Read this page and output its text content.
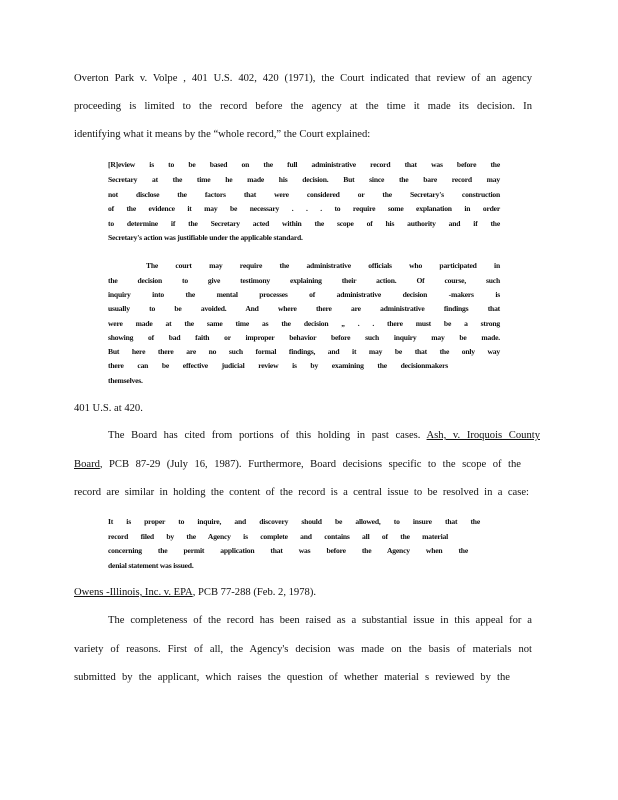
Overton Park v. Volpe , 401 U.S. 402, 420 (1971), the Court indicated that review of an agency
proceeding is limited to the record before the agency at the time it made its decision. In
identifying what it means by the “whole record,” the Court explained:
[R]eview is to be based on the full administrative record that was before the
Secretary at the time he made his decision. But since the bare record may
not disclose the factors that were considered or the Secretary's construction
of the evidence it may be necessary . . . to require some explanation in order
to determine if the Secretary acted within the scope of his authority and if the
Secretary's action was justifiable under the applicable standard.
The court may require the administrative officials who participated in
the decision to give testimony explaining their action. Of course, such
inquiry into the mental processes of administrative decision -makers is
usually to be avoided. And where there are administrative findings that
were made at the same time as the decision ,, . . there must be a strong
showing of bad faith or improper behavior before such inquiry may be made.
But here there are no such formal findings, and it may be that the only way
there can be effective judicial review is by examining the decisionmakers
themselves.
401 U.S. at 420.
The Board has cited from portions of this holding in past cases. Ash, v. Iroquois County
Board, PCB 87-29 (July 16, 1987). Furthermore, Board decisions specific to the scope of the
record are similar in holding the content of the record is a central issue to be resolved in a case:
It is proper to inquire, and discovery should be allowed, to insure that the
record filed by the Agency is complete and contains all of the material
concerning the permit application that was before the Agency when the
denial statement was issued.
Owens -Illinois, Inc. v. EPA, PCB 77-288 (Feb. 2, 1978).
The completeness of the record has been raised as a substantial issue in this appeal for a
variety of reasons. First of all, the Agency's decision was made on the basis of materials not
submitted by the applicant, which raises the question of whether material s reviewed by the
